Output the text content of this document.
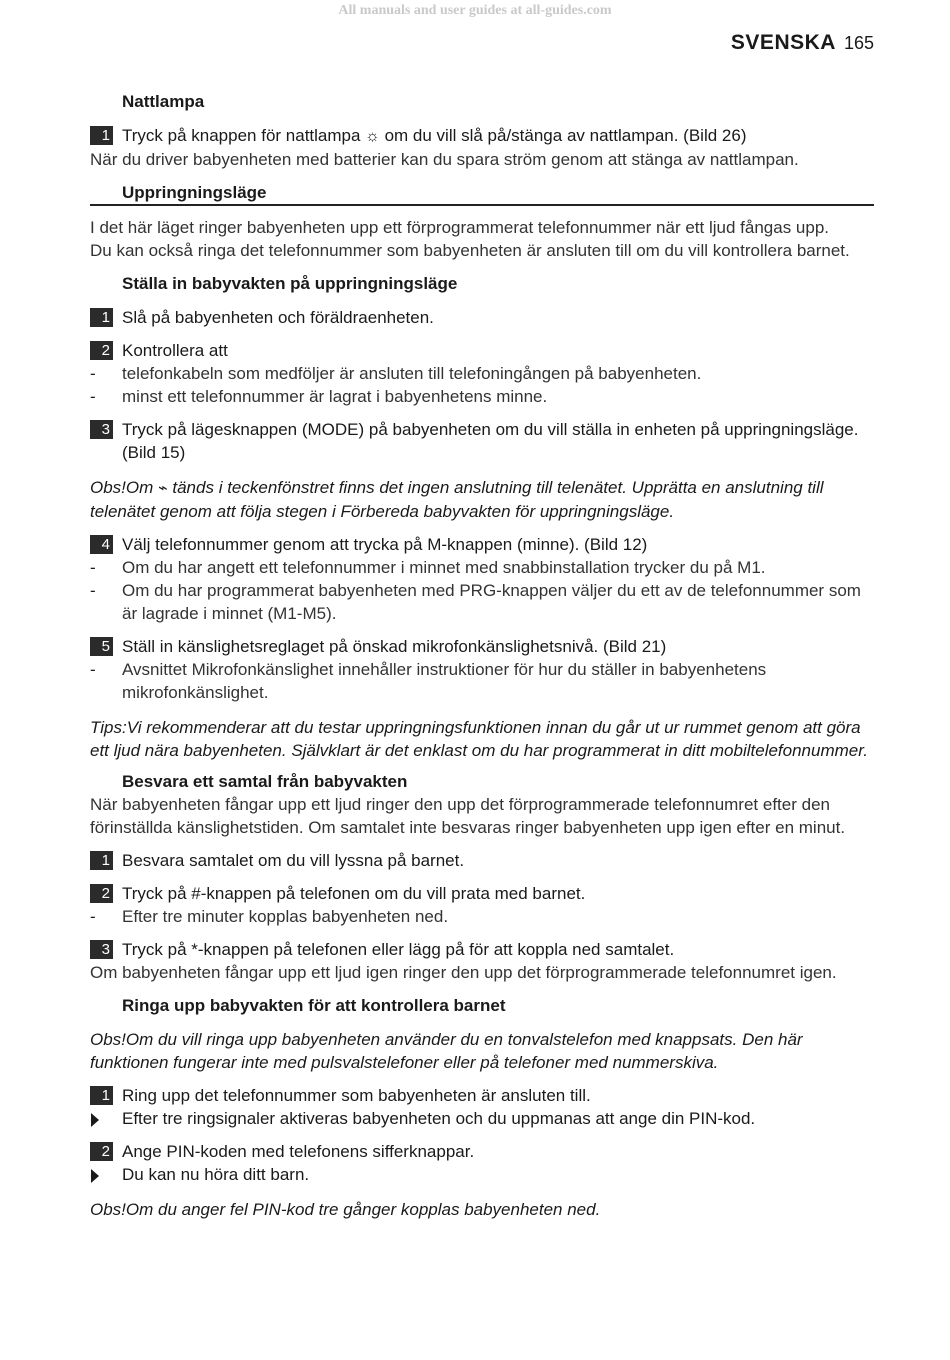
All manuals and user guides at all-guides.com
SVENSKA 165
Nattlampa
1 Tryck på knappen för nattlampa ☼ om du vill slå på/stänga av nattlampan. (Bild 26)

När du driver babyenheten med batterier kan du spara ström genom att stänga av nattlampan.

Uppringningsläge

I det här läget ringer babyenheten upp ett förprogrammerat telefonnummer när ett ljud fångas upp.

Du kan också ringa det telefonnummer som babyenheten är ansluten till om du vill kontrollera barnet.

Ställa in babyvakten på uppringningsläge
1 Slå på babyenheten och föräldraenheten.
2 Kontrollera att
- telefonkabeln som medföljer är ansluten till telefoningången på babyenheten.
- minst ett telefonnummer är lagrat i babyenhetens minne.
3 Tryck på lägesknappen (MODE) på babyenheten om du vill ställa in enheten på uppringningsläge. (Bild 15)

Obs!Om ⌁ tänds i teckenfönstret finns det ingen anslutning till telenätet. Upprätta en anslutning till telenätet genom att följa stegen i Förbereda babyvakten för uppringningsläge.

4 Välj telefonnummer genom att trycka på M-knappen (minne). (Bild 12)
- Om du har angett ett telefonnummer i minnet med snabbinstallation trycker du på M1.
- Om du har programmerat babyenheten med PRG-knappen väljer du ett av de telefonnummer som är lagrade i minnet (M1-M5).
5 Ställ in känslighetsreglaget på önskad mikrofonkänslighetsnivå. (Bild 21)
- Avsnittet Mikrofonkänslighet innehåller instruktioner för hur du ställer in babyenhetens mikrofonkänslighet.

Tips:Vi rekommenderar att du testar uppringningsfunktionen innan du går ut ur rummet genom att göra ett ljud nära babyenheten. Självklart är det enklast om du har programmerat in ditt mobiltelefonnummer.

Besvara ett samtal från babyvakten

När babyenheten fångar upp ett ljud ringer den upp det förprogrammerade telefonnumret efter den förinställda känslighetstiden. Om samtalet inte besvaras ringer babyenheten upp igen efter en minut.

1 Besvara samtalet om du vill lyssna på barnet.
2 Tryck på #-knappen på telefonen om du vill prata med barnet.
- Efter tre minuter kopplas babyenheten ned.
3 Tryck på *-knappen på telefonen eller lägg på för att koppla ned samtalet.

Om babyenheten fångar upp ett ljud igen ringer den upp det förprogrammerade telefonnumret igen.

Ringa upp babyvakten för att kontrollera barnet

Obs!Om du vill ringa upp babyenheten använder du en tonvalstelefon med knappsats. Den här funktionen fungerar inte med pulsvalstelefoner eller på telefoner med nummerskiva.

1 Ring upp det telefonnummer som babyenheten är ansluten till.
Efter tre ringsignaler aktiveras babyenheten och du uppmanas att ange din PIN-kod.
2 Ange PIN-koden med telefonens sifferknappar.
Du kan nu höra ditt barn.

Obs!Om du anger fel PIN-kod tre gånger kopplas babyenheten ned.
